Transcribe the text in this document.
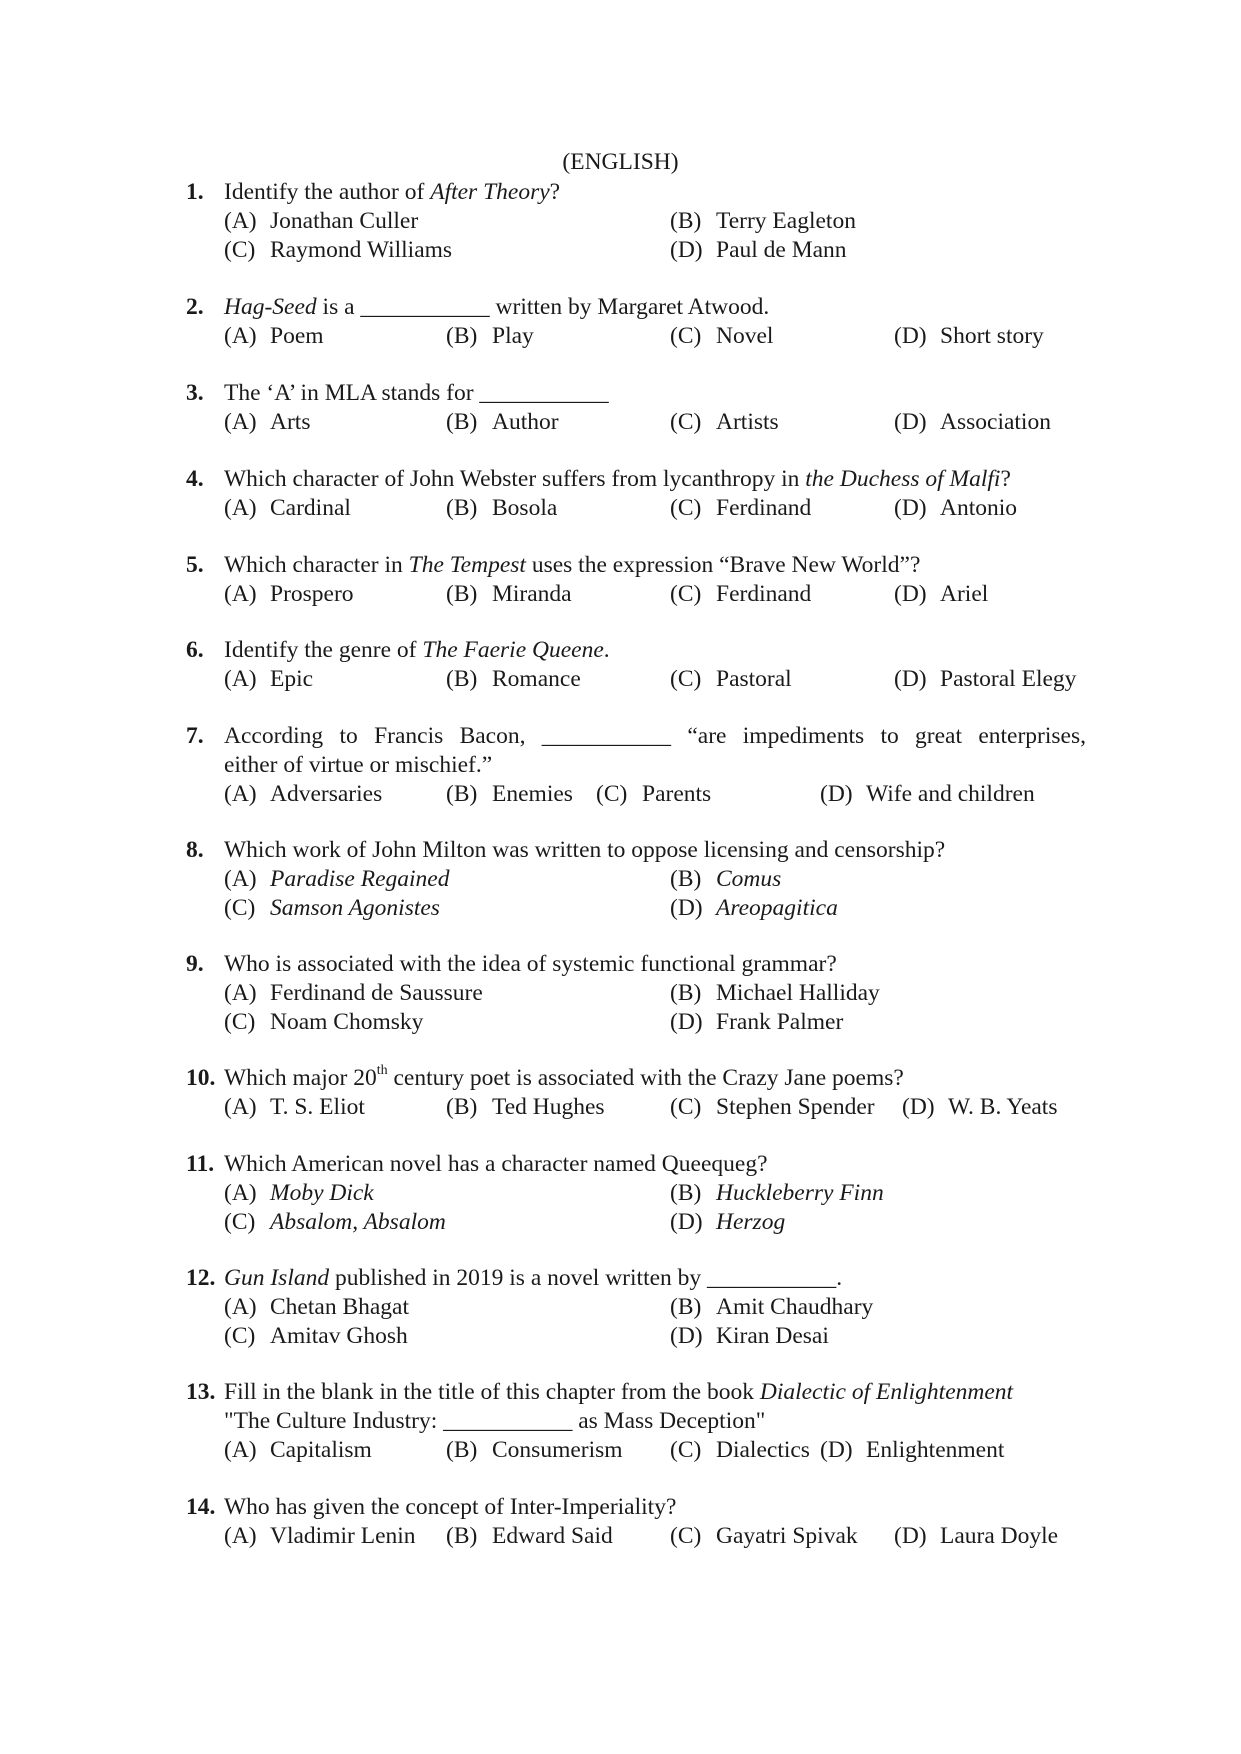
(ENGLISH)
1. Identify the author of After Theory?
(A) Jonathan Culler	(B) Terry Eagleton
(C) Raymond Williams	(D) Paul de Mann
2. Hag-Seed is a ___________ written by Margaret Atwood.
(A) Poem	(B) Play	(C) Novel	(D) Short story
3. The ‘A’ in MLA stands for ___________
(A) Arts	(B) Author	(C) Artists	(D) Association
4. Which character of John Webster suffers from lycanthropy in the Duchess of Malfi?
(A) Cardinal	(B) Bosola	(C) Ferdinand	(D) Antonio
5. Which character in The Tempest uses the expression “Brave New World”?
(A) Prospero	(B) Miranda	(C) Ferdinand	(D) Ariel
6. Identify the genre of The Faerie Queene.
(A) Epic	(B) Romance	(C) Pastoral	(D) Pastoral Elegy
7. According to Francis Bacon, ___________ “are impediments to great enterprises,
either of virtue or mischief.”
(A) Adversaries	(B) Enemies (C) Parents	(D) Wife and children
8. Which work of John Milton was written to oppose licensing and censorship?
(A) Paradise Regained	(B) Comus
(C) Samson Agonistes	(D) Areopagitica
9. Who is associated with the idea of systemic functional grammar?
(A) Ferdinand de Saussure	(B) Michael Halliday
(C) Noam Chomsky	(D) Frank Palmer
10. Which major 20th century poet is associated with the Crazy Jane poems?
(A) T. S. Eliot	(B) Ted Hughes	(C) Stephen Spender (D) W. B. Yeats
11. Which American novel has a character named Queequeg?
(A) Moby Dick	(B) Huckleberry Finn
(C) Absalom, Absalom	(D) Herzog
12. Gun Island published in 2019 is a novel written by ___________.
(A) Chetan Bhagat	(B) Amit Chaudhary
(C) Amitav Ghosh	(D) Kiran Desai
13. Fill in the blank in the title of this chapter from the book Dialectic of Enlightenment
"The Culture Industry: ___________ as Mass Deception"
(A) Capitalism	(B) Consumerism (C) Dialectics (D) Enlightenment
14. Who has given the concept of Inter-Imperiality?
(A) Vladimir Lenin (B) Edward Said (C) Gayatri Spivak (D) Laura Doyle
